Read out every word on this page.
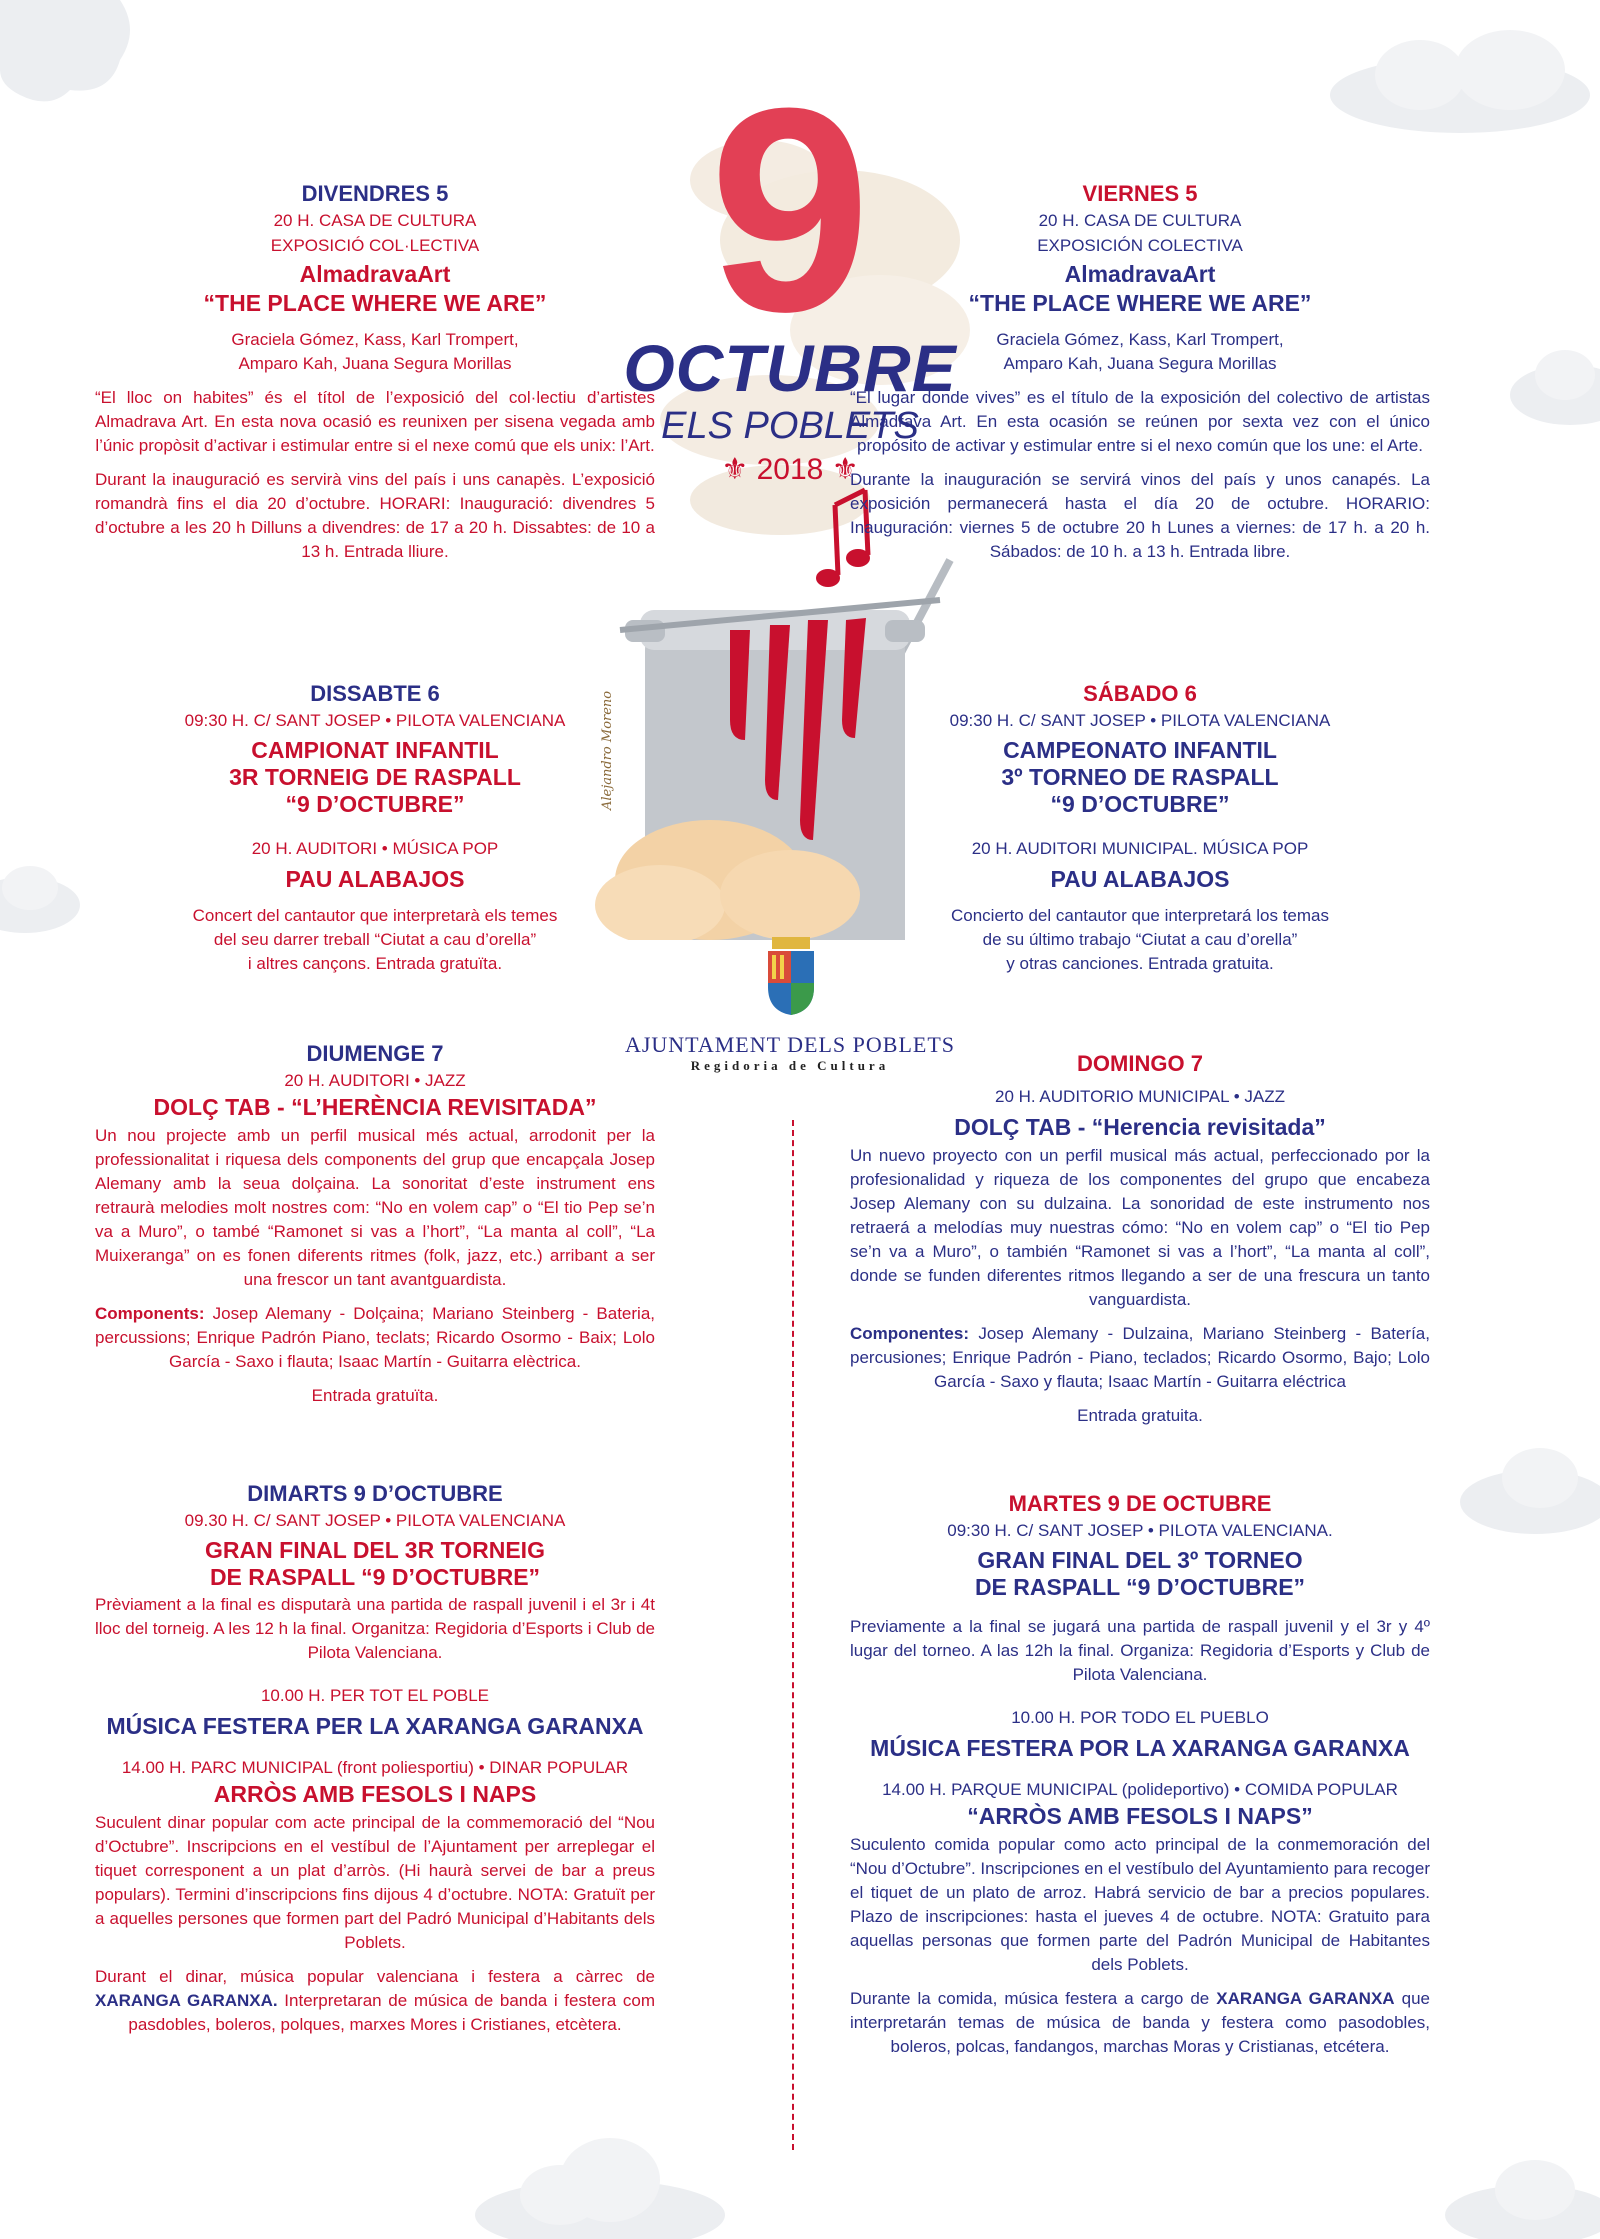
9
OCTUBRE
ELS POBLETS
⚜ 2018 ⚜
Alejandro Moreno
AJUNTAMENT DELS POBLETS
Regidoria de Cultura

DIVENDRES 5

20 H. CASA DE CULTURA

EXPOSICIÓ COL·LECTIVA

AlmadravaArt

“THE PLACE WHERE WE ARE”

Graciela Gómez, Kass, Karl Trompert,
Amparo Kah, Juana Segura Morillas

“El lloc on habites” és el títol de l’exposició del col·lectiu d’artistes Almadrava Art. En esta nova ocasió es reunixen per sisena vegada amb l’únic propòsit d’activar i estimular entre si el nexe comú que els unix: l’Art.

Durant la inauguració es servirà vins del país i uns canapès. L’exposició romandrà fins el dia 20 d’octubre. HORARI: Inauguració: divendres 5 d’octubre a les 20 h Dilluns a divendres: de 17 a 20 h. Dissabtes: de 10 a 13 h. Entrada lliure.

DISSABTE 6

09:30 H. C/ SANT JOSEP • PILOTA VALENCIANA

CAMPIONAT INFANTIL
3R TORNEIG DE RASPALL
“9 D’OCTUBRE”

20 H. AUDITORI • MÚSICA POP

PAU ALABAJOS

Concert del cantautor que interpretarà els temes
del seu darrer treball “Ciutat a cau d’orella”
i altres cançons. Entrada gratuïta.

DIUMENGE 7

20 H. AUDITORI • JAZZ

DOLÇ TAB - “L’HERÈNCIA REVISITADA”

Un nou projecte amb un perfil musical més actual, arrodonit per la professionalitat i riquesa dels components del grup que encapçala Josep Alemany amb la seua dolçaina. La sonoritat d’este instrument ens retraurà melodies molt nostres com: “No en volem cap” o “El tio Pep se’n va a Muro”, o també “Ramonet si vas a l’hort”, “La manta al coll”, “La Muixeranga” on es fonen diferents ritmes (folk, jazz, etc.) arribant a ser una frescor un tant avantguardista.

Components: Josep Alemany - Dolçaina; Mariano Steinberg - Bateria, percussions; Enrique Padrón Piano, teclats; Ricardo Osormo - Baix; Lolo García - Saxo i flauta; Isaac Martín - Guitarra elèctrica.

Entrada gratuïta.

DIMARTS 9 D’OCTUBRE

09.30 H. C/ SANT JOSEP • PILOTA VALENCIANA

GRAN FINAL DEL 3R TORNEIG
DE RASPALL “9 D’OCTUBRE”

Prèviament a la final es disputarà una partida de raspall juvenil i el 3r i 4t lloc del torneig. A les 12 h la final. Organitza: Regidoria d’Esports i Club de Pilota Valenciana.

10.00 H. PER TOT EL POBLE

MÚSICA FESTERA PER LA XARANGA GARANXA

14.00 H. PARC MUNICIPAL (front poliesportiu) • DINAR POPULAR

ARRÒS AMB FESOLS I NAPS

Suculent dinar popular com acte principal de la commemoració del “Nou d’Octubre”. Inscripcions en el vestíbul de l’Ajuntament per arreplegar el tiquet corresponent a un plat d’arròs. (Hi haurà servei de bar a preus populars). Termini d’inscripcions fins dijous 4 d’octubre. NOTA: Gratuït per a aquelles persones que formen part del Padró Municipal d’Habitants dels Poblets.

Durant el dinar, música popular valenciana i festera a càrrec de XARANGA GARANXA. Interpretaran de música de banda i festera com pasdobles, boleros, polques, marxes Mores i Cristianes, etcètera.

VIERNES 5

20 H. CASA DE CULTURA

EXPOSICIÓN COLECTIVA

AlmadravaArt

“THE PLACE WHERE WE ARE”

Graciela Gómez, Kass, Karl Trompert,
Amparo Kah, Juana Segura Morillas

“El lugar donde vives” es el título de la exposición del colectivo de artistas Almadrava Art. En esta ocasión se reúnen por sexta vez con el único propósito de activar y estimular entre si el nexo común que los une: el Arte.

Durante la inauguración se servirá vinos del país y unos canapés. La exposición permanecerá hasta el día 20 de octubre. HORARIO: Inauguración: viernes 5 de octubre 20 h Lunes a viernes: de 17 h. a 20 h. Sábados: de 10 h. a 13 h. Entrada libre.

SÁBADO 6

09:30 H. C/ SANT JOSEP • PILOTA VALENCIANA

CAMPEONATO INFANTIL
3º TORNEO DE RASPALL
“9 D’OCTUBRE”

20 H. AUDITORI MUNICIPAL. MÚSICA POP

PAU ALABAJOS

Concierto del cantautor que interpretará los temas
de su último trabajo “Ciutat a cau d’orella”
y otras canciones. Entrada gratuita.

DOMINGO 7

20 H. AUDITORIO MUNICIPAL • JAZZ

DOLÇ TAB - “Herencia revisitada”

Un nuevo proyecto con un perfil musical más actual, perfeccionado por la profesionalidad y riqueza de los componentes del grupo que encabeza Josep Alemany con su dulzaina. La sonoridad de este instrumento nos retraerá a melodías muy nuestras cómo: “No en volem cap” o “El tio Pep se’n va a Muro”, o también “Ramonet si vas a l’hort”, “La manta al coll”, donde se funden diferentes ritmos llegando a ser de una frescura un tanto vanguardista.

Componentes: Josep Alemany - Dulzaina, Mariano Steinberg - Batería, percusiones; Enrique Padrón - Piano, teclados; Ricardo Osormo, Bajo; Lolo García - Saxo y flauta; Isaac Martín - Guitarra eléctrica

Entrada gratuita.

MARTES 9 DE OCTUBRE

09:30 H. C/ SANT JOSEP • PILOTA VALENCIANA.

GRAN FINAL DEL 3º TORNEO
DE RASPALL “9 D’OCTUBRE”

Previamente a la final se jugará una partida de raspall juvenil y el 3r y 4º lugar del torneo. A las 12h la final. Organiza: Regidoria d’Esports y Club de Pilota Valenciana.

10.00 H. POR TODO EL PUEBLO

MÚSICA FESTERA POR LA XARANGA GARANXA

14.00 H. PARQUE MUNICIPAL (polideportivo) • COMIDA POPULAR

“ARRÒS AMB FESOLS I NAPS”

Suculento comida popular como acto principal de la conmemoración del “Nou d’Octubre”. Inscripciones en el vestíbulo del Ayuntamiento para recoger el tiquet de un plato de arroz. Habrá servicio de bar a precios populares. Plazo de inscripciones: hasta el jueves 4 de octubre. NOTA: Gratuito para aquellas personas que formen parte del Padrón Municipal de Habitantes dels Poblets.

Durante la comida, música festera a cargo de XARANGA GARANXA que interpretarán temas de música de banda y festera como pasodobles, boleros, polcas, fandangos, marchas Moras y Cristianas, etcétera.
